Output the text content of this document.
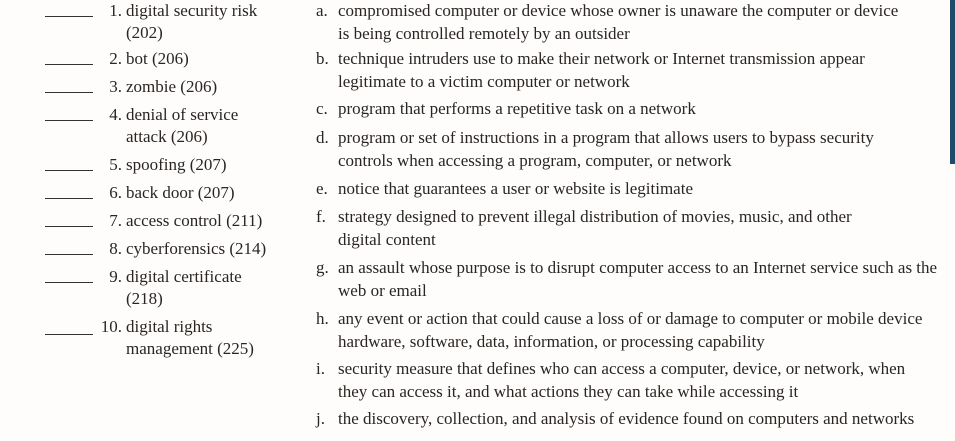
1. digital security risk (202)
2. bot (206)
3. zombie (206)
4. denial of service attack (206)
5. spoofing (207)
6. back door (207)
7. access control (211)
8. cyberforensics (214)
9. digital certificate (218)
10. digital rights management (225)
a. compromised computer or device whose owner is unaware the computer or device is being controlled remotely by an outsider
b. technique intruders use to make their network or Internet transmission appear legitimate to a victim computer or network
c. program that performs a repetitive task on a network
d. program or set of instructions in a program that allows users to bypass security controls when accessing a program, computer, or network
e. notice that guarantees a user or website is legitimate
f. strategy designed to prevent illegal distribution of movies, music, and other digital content
g. an assault whose purpose is to disrupt computer access to an Internet service such as the web or email
h. any event or action that could cause a loss of or damage to computer or mobile device hardware, software, data, information, or processing capability
i. security measure that defines who can access a computer, device, or network, when they can access it, and what actions they can take while accessing it
j. the discovery, collection, and analysis of evidence found on computers and networks
